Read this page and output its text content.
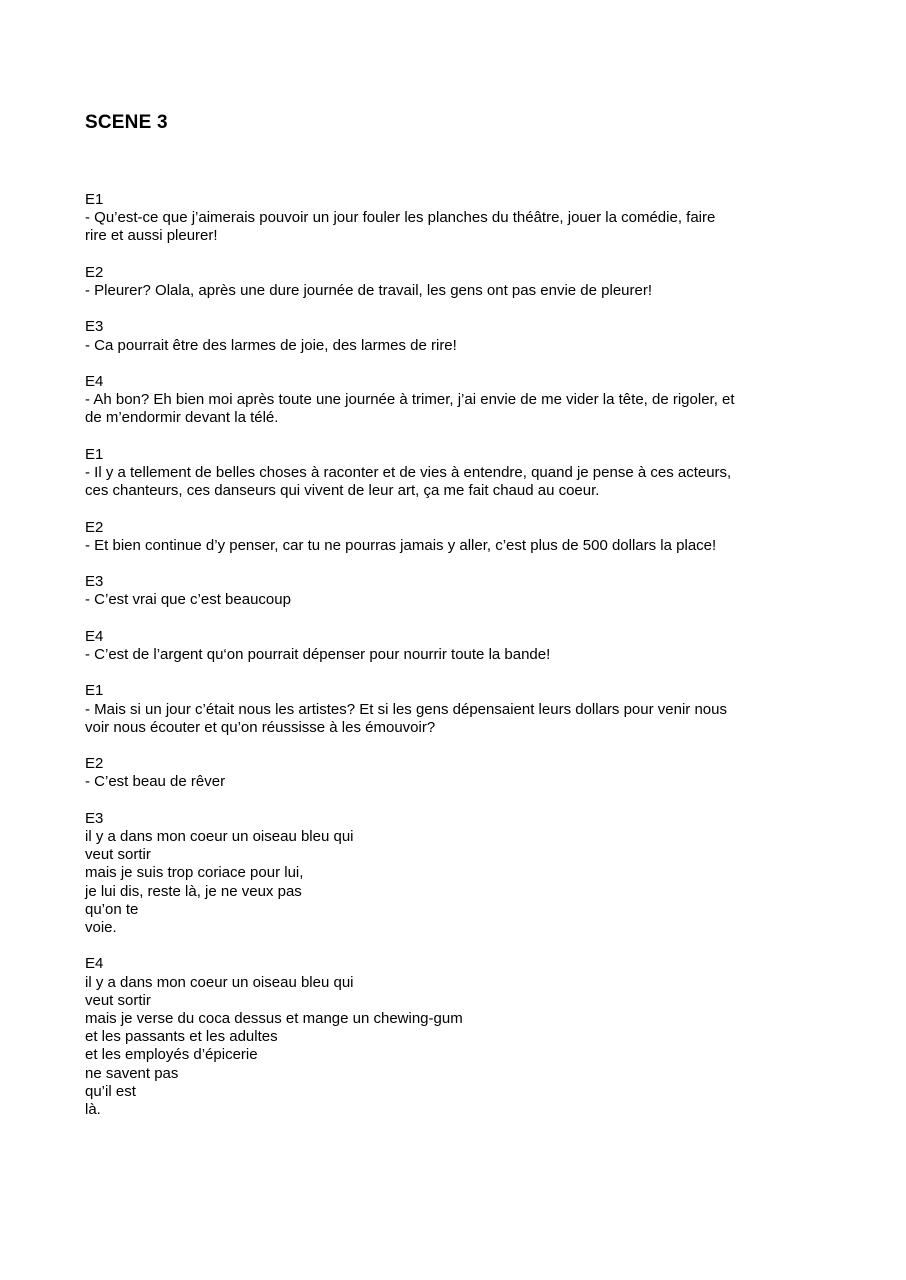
SCENE 3
E1
- Qu’est-ce que j’aimerais pouvoir un jour fouler les planches du théâtre, jouer la comédie, faire
rire et aussi pleurer!
E2
- Pleurer? Olala, après une dure journée de travail, les gens ont pas envie de pleurer!
E3
- Ca pourrait être des larmes de joie, des larmes de rire!
E4
- Ah bon? Eh bien moi après toute une journée à trimer, j’ai envie de me vider la tête, de rigoler, et
de m’endormir devant la télé.
E1
- Il y a tellement de belles choses à raconter et de vies à entendre, quand je pense à ces acteurs,
ces chanteurs, ces danseurs qui vivent de leur art, ça me fait chaud au coeur.
E2
- Et bien continue d’y penser, car tu ne pourras jamais y aller, c’est plus de 500 dollars la place!
E3
- C’est vrai que c’est beaucoup
E4
- C’est de l’argent qu‘on pourrait dépenser pour nourrir toute la bande!
E1
- Mais si un jour c’était nous les artistes? Et si les gens dépensaient leurs dollars pour venir nous
voir nous écouter et qu’on réussisse à les émouvoir?
E2
- C’est beau de rêver
E3
il y a dans mon coeur un oiseau bleu qui
veut sortir
mais je suis trop coriace pour lui,
je lui dis, reste là, je ne veux pas
qu’on te
voie.
E4
il y a dans mon coeur un oiseau bleu qui
veut sortir
mais je verse du coca dessus et mange un chewing-gum
et les passants et les adultes
et les employés d’épicerie
ne savent pas
qu’il est
là.
